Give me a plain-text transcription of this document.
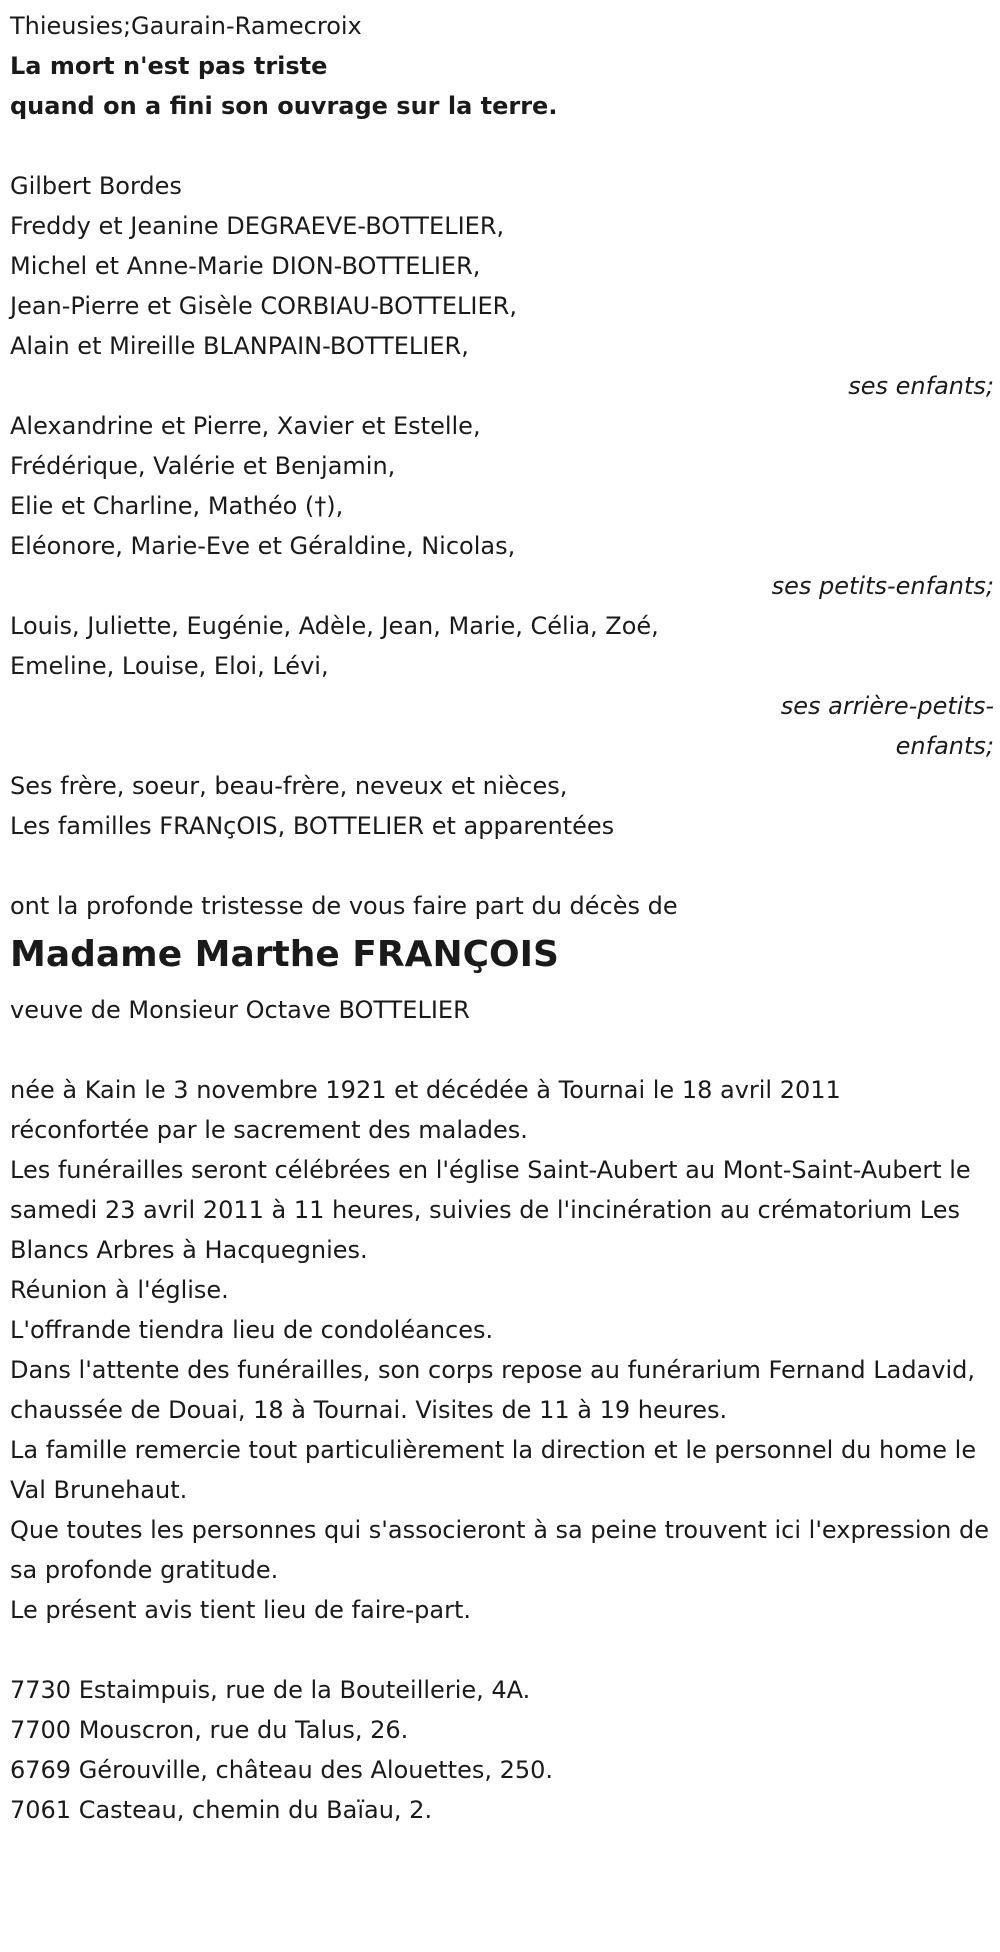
Thieusies;Gaurain-Ramecroix

La mort n'est pas triste

quand on a fini son ouvrage sur la terre.

Gilbert Bordes

Freddy et Jeanine DEGRAEVE-BOTTELIER,

Michel et Anne-Marie DION-BOTTELIER,

Jean-Pierre et Gisèle CORBIAU-BOTTELIER,

Alain et Mireille BLANPAIN-BOTTELIER,

ses enfants;

Alexandrine et Pierre, Xavier et Estelle,

Frédérique, Valérie et Benjamin,

Elie et Charline, Mathéo (†),

Eléonore, Marie-Eve et Géraldine, Nicolas,

ses petits-enfants;

Louis, Juliette, Eugénie, Adèle, Jean, Marie, Célia, Zoé,

Emeline, Louise, Eloi, Lévi,

ses arrière-petits-

enfants;

Ses frère, soeur, beau-frère, neveux et nièces,

Les familles FRANçOIS, BOTTELIER et apparentées

ont la profonde tristesse de vous faire part du décès de

Madame Marthe FRANÇOIS

veuve de Monsieur Octave BOTTELIER

née à Kain le 3 novembre 1921 et décédée à Tournai le 18 avril 2011

réconfortée par le sacrement des malades.

Les funérailles seront célébrées en l'église Saint-Aubert au Mont-Saint-Aubert le samedi 23 avril 2011 à 11 heures, suivies de l'incinération au crématorium Les Blancs Arbres à Hacquegnies.

Réunion à l'église.

L'offrande tiendra lieu de condoléances.

Dans l'attente des funérailles, son corps repose au funérarium Fernand Ladavid, chaussée de Douai, 18 à Tournai. Visites de 11 à 19 heures.

La famille remercie tout particulièrement la direction et le personnel du home le Val Brunehaut.

Que toutes les personnes qui s'associeront à sa peine trouvent ici l'expression de sa profonde gratitude.

Le présent avis tient lieu de faire-part.

7730 Estaimpuis, rue de la Bouteillerie, 4A.

7700 Mouscron, rue du Talus, 26.

6769 Gérouville, château des Alouettes, 250.

7061 Casteau, chemin du Baïau, 2.
